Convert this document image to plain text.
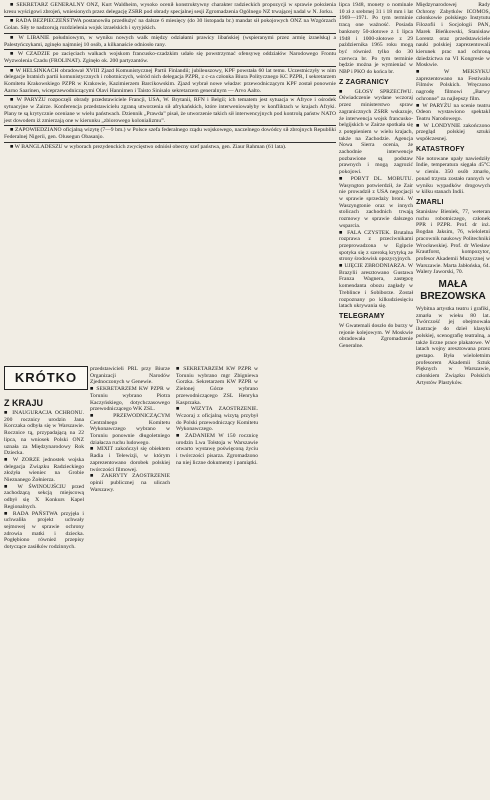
■ SEKRETARZ GENERALNY ONZ, Kurt Waldheim, wysoko ocenił konstruktywny charakter radzieckich propozycji w sprawie położenia kresu wyścigowi zbrojeń, wniesionych przez delegację ZSRR pod obrady specjalnej sesji Zgromadzenia Ogólnego NZ trwającej nadal w N. Jorku.

■ RADA BEZPIECZEŃSTWA postanowiła przedłużyć na dalsze 6 miesięcy (do 30 listopada br.) mandat sił pokojowych ONZ na Wzgórzach Golan. Siły te nadzorują rozdzielenia wojsk izraelskich i syryjskich.

■ W LIBANIE południowym, w wyniku nowych walk między odziałami prawicy libańskiej (wspieranymi przez armię izraelską) a Palestyńczykami, zginęło najmniej 10 osób, a kilkanaście odniosło rany.

■ W CZADZIE po zacięciach walkach wojskom francusko-czadzkim udało się powstrzymać ofensywę oddziałów Narodowego Frontu Wyzwolenia Czadu (FROLINAT). Zginęło ok. 200 partyzantów.

■ W HELSINKACH obradował XVIII Zjazd Komunistycznej Partii Finlandii; jubileuszowy, KPF powstała 60 lat temu. Uczestniczyły w nim delegacje bratnich partii komunistycznych i robotniczych, wśród nich delegacja PZPR, z c-ca członka Biura Politycznego KC PZPR, I sekretarzem Komitetu Krakowskiego PZPR w Krakowie, Kazimierzem Barcikowskim. Zjazd wybrał nowe władze: przewodniczącym KPF został ponownie Aarno Saarinen, wiceprzewodniczącymi Olavi Hannimen i Taisto Sinisalo sekretarzem generalnym — Arvo Aalto.

■ W PARYŻU rozpoczęli obrady przedstawiciele Francji, USA, W. Brytanii, RFN i Belgii; ich tematem jest sytuacja w Afryce i ośrodek sytuacyjne w Zairze. Konferencja przedstawicielu zgraną utworzenia sił afrykańskich, które interweniowałyby w konfliktach w krajach Afryki. Plany te są krytycznie oceniane w wielu państwach. Dziennik „Prawda” pisał, że utworzenie takich sił interwencyjnych pod kontrolą państw NATO jest dowodem iż zmierzają one w kierunku „zbiorowego kolonializmu”.

■ ZAPOWIEDZIANO oficjalną wizytę (7—9 bm.) w Polsce szefa federalnego rządu wojskowego, naczelnego dowódcy sił zbrojnych Republiki Federalnej Nigerii, gen. Olusegun Obasanjo.

■ W BANGLADESZU w wyborach prezydenckich zwycięstwo odniósł obecny szef państwa, gen. Ziaur Rahman (61 lata).

lipca 1948, monety o nominale 10 zł z srebrnej 31 i 18 mm i lat 1969—1971. Po tym terminie tracą one ważność. Posiada banknoty 50-złotowe z 1 lipca 1948 i 1000-złotowe z 29 października 1965 roku mogą być również tylko do 30 czerwca br. Po tym terminie będzie można je wymieniać w NBP i PKO do końca br.

Z ZAGRANICY

■ GŁOSY SPRZECIWU. Oświadczenie wydane wczoraj przez ministerstwo spraw zagranicznych ZSRR wskazuje, że interwencja wojsk francusko-belgijskich w Zairze spotkała się z potępieniem w wielu krajach, także na Zachodzie. Agencja Nowa Sierra ocenia, że zachodnie interwencje pozbawione są podstaw prawnych i mogą zagrozić pokojowi.

■ POBYT DL. MOBUTU. Wasyngton potwierdził, że Zair nie prowadził z USA negocjacji w sprawie sprzedaży broni. W Waszyngtonie oraz w innych stolicach zachodnich trwają rozmowy w sprawie dalszego wsparcia.

■ FALA CZYSTEK. Brutalna rozprawa z przeciwnikami przeprowadzona w Egipcie spotyka się z szeroką krytyką ze strony środowisk opozycyjnych.

■ UJĘCIE ZBRODNIARZA. W Brazylii aresztowano Gustawa Franza Wagnera, zastępcę komendanta obozu zagłady w Treblince i Sobiborze. Został rozpoznany po kilkudziesięciu latach ukrywania się.

TELEGRAMY

W Gwatemali doszło do burzy w rejonie kolejowym. W Moskwie obradowała Zgromadzenie Generalne.

Międzynarodowej Rady Ochrony Zabytków ICOMOS, członkowie polskiego Instytutu Filozofii i Socjologii PAN, Marek Bieńkowski, Stanisław Lorentz oraz przedstawiciele nauki polskiej zaprezentowali kierunek prac nad ochroną dziedzictwa na VI Kongresie w Moskwie.

■ W MEKSYKU zaprezentowano na Festiwalu Filmów Polskich. Wręczono nagrodę filmowi „Barwy ochronne” za najlepszy film.

■ W PARYŻU na scenie teatru Odeon wystawiono spektakl Teatru Narodowego.

■ W LONDYNIE zakończono przegląd polskiej sztuki współczesnej.

KATASTROFY

Nie notowane upały nawiedziły Indie, temperatura sięgała 45°C w cieniu. 350 osób zmarło, ponad trzysta zostało rannych w wyniku wypadków drogowych w kilku stanach Indii.

ZMARLI

Stanisław Bieniek, 77, weteran ruchu robotniczego, członek PPR i PZPR. Prof. dr inż. Bogdan Jaksim, 76, wieloletni pracownik naukowy Politechniki Wrocławskiej. Prof. dr Wiesław Krautforst, kompozytor, profesor Akademii Muzycznej w Warszawie. Marta Jabłońska, 64. Walery Jaworski, 70.

MAŁA BREZOWSKA

Wybitna artystka teatru i grafiki, zmarła w wieku 80 lat. Twórczość jej obejmowała ilustracje do dzieł klasyki polskiej, scenografię teatralną, a także liczne prace plakatowe. W latach wojny aresztowana przez gestapo. Była wieloletnim profesorem Akademii Sztuk Pięknych w Warszawie, członkiem Związku Polskich Artystów Plastyków.

KRÓTKO
Z KRAJU

■ INAUGURACJA OCHRONU. 200 rocznicy urodzin Jana Korczaka odbyła się w Warszawie. Rocznice tą, przypadającą na 22 lipca, na wniosek Polski ONZ uznała za Międzynarodowy Rok Dziecka.

■ W ZORZE jednostek wojska delegacja Związku Radzieckiego złożyła wieniec na Grobie Nieznanego Żołnierza.

■ W ŚWINOUJŚCIU przed zachodzącą sekcją miejscową odbył się X Konkurs Kapel Regionalnych.

■ RADA PAŃSTWA przyjęła i uchwaliła projekt uchwały sejmowej w sprawie ochrony zdrowia matki i dziecka. Pogłębiono również przepisy dotyczące zasiłków rodzinnych.

przedstawicieli PRL przy Biurze Organizacji Narodów Zjednoczonych w Genewie.

■ SEKRETARZEM KW PZPR w Toruniu wybrano Piotra Kaczyńskiego, dotychczasowego przewodniczącego WK ZSL.

■ PRZEWODNICZĄCYM Centralnego Komitetu Wykonawczego wybrano w Toruniu ponownie długoletniego działacza ruchu ludowego.

■ MIXIT zakończył się obiektem Radia i Telewizji, w którym zaprezentowano dorobek polskiej twórczości filmowej.

■ ZAKRYTY ZAOSTRZENIE opinii publicznej na ulicach Warszawy.

■ SEKRETARZEM KW PZPR w Toruniu wybrano mgr Zbigniewa Gorzka. Sekretarzem KW PZPR w Zielonej Górze wybrano przewodniczącego ZSL Henryka Kasprzaka.

■ WIZYTA ZAOSTRZENIE. Wczoraj z oficjalną wizytą przybył do Polski przewodniczący Komitetu Wykonawczego.

■ ZADANIEM W 150 rocznicę urodzin Lwa Tołstoja w Warszawie otwarto wystawę poświęconą życiu i twórczości pisarza. Zgromadzono na niej liczne dokumenty i pamiątki.
